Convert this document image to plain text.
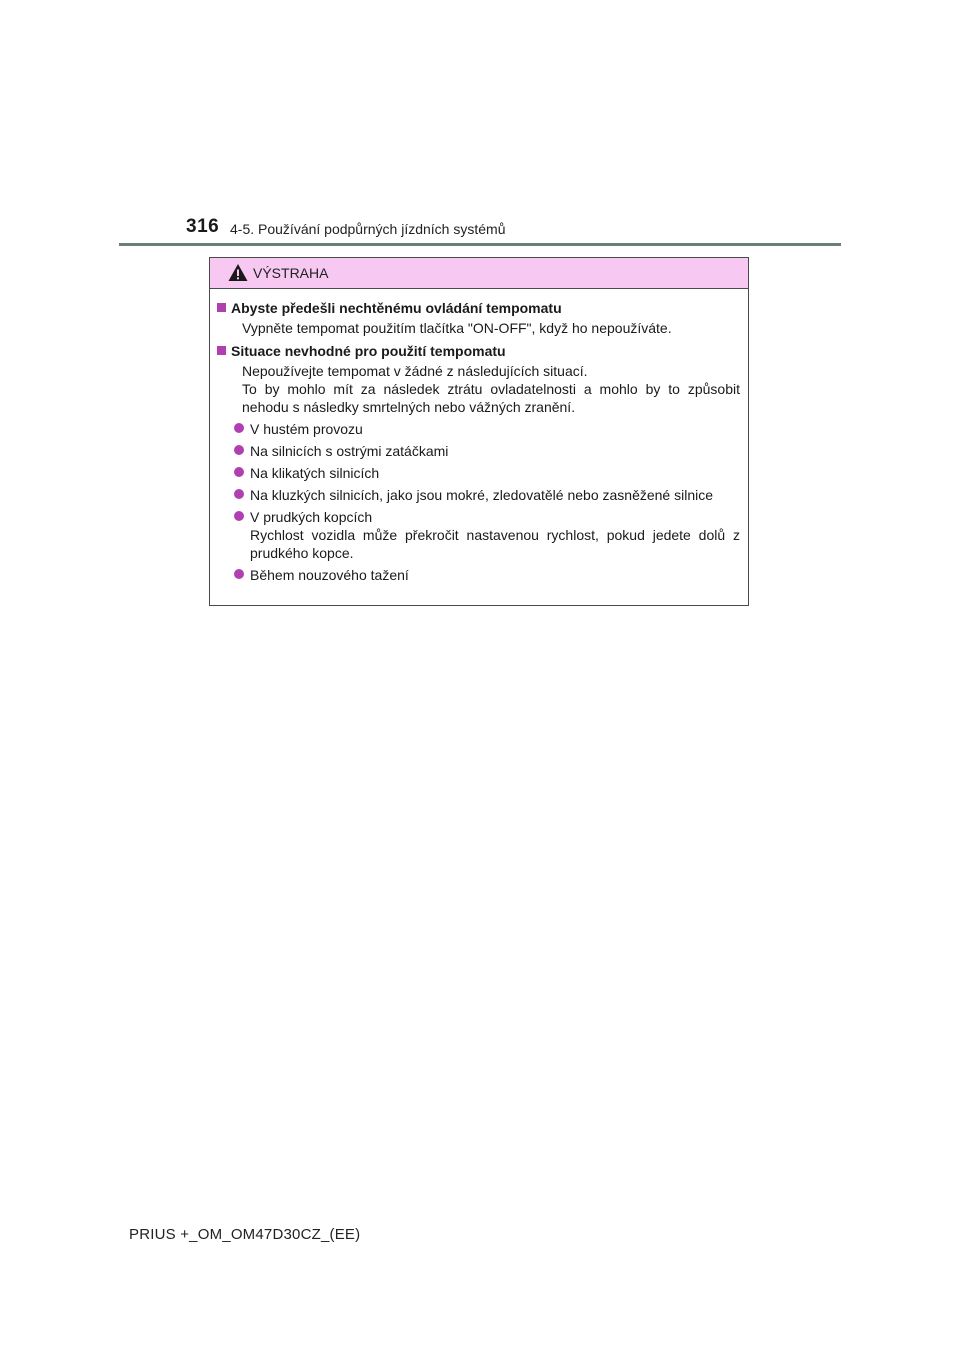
316 4-5. Používání podpůrných jízdních systémů
VÝSTRAHA
Abyste předešli nechtěnému ovládání tempomatu
Vypněte tempomat použitím tlačítka "ON-OFF", když ho nepoužíváte.
Situace nevhodné pro použití tempomatu
Nepoužívejte tempomat v žádné z následujících situací.
To by mohlo mít za následek ztrátu ovladatelnosti a mohlo by to způsobit nehodu s následky smrtelných nebo vážných zranění.
V hustém provozu
Na silnicích s ostrými zatáčkami
Na klikatých silnicích
Na kluzkých silnicích, jako jsou mokré, zledovatělé nebo zasněžené silnice
V prudkých kopcích
Rychlost vozidla může překročit nastavenou rychlost, pokud jedete dolů z prudkého kopce.
Během nouzového tažení
PRIUS +_OM_OM47D30CZ_(EE)
